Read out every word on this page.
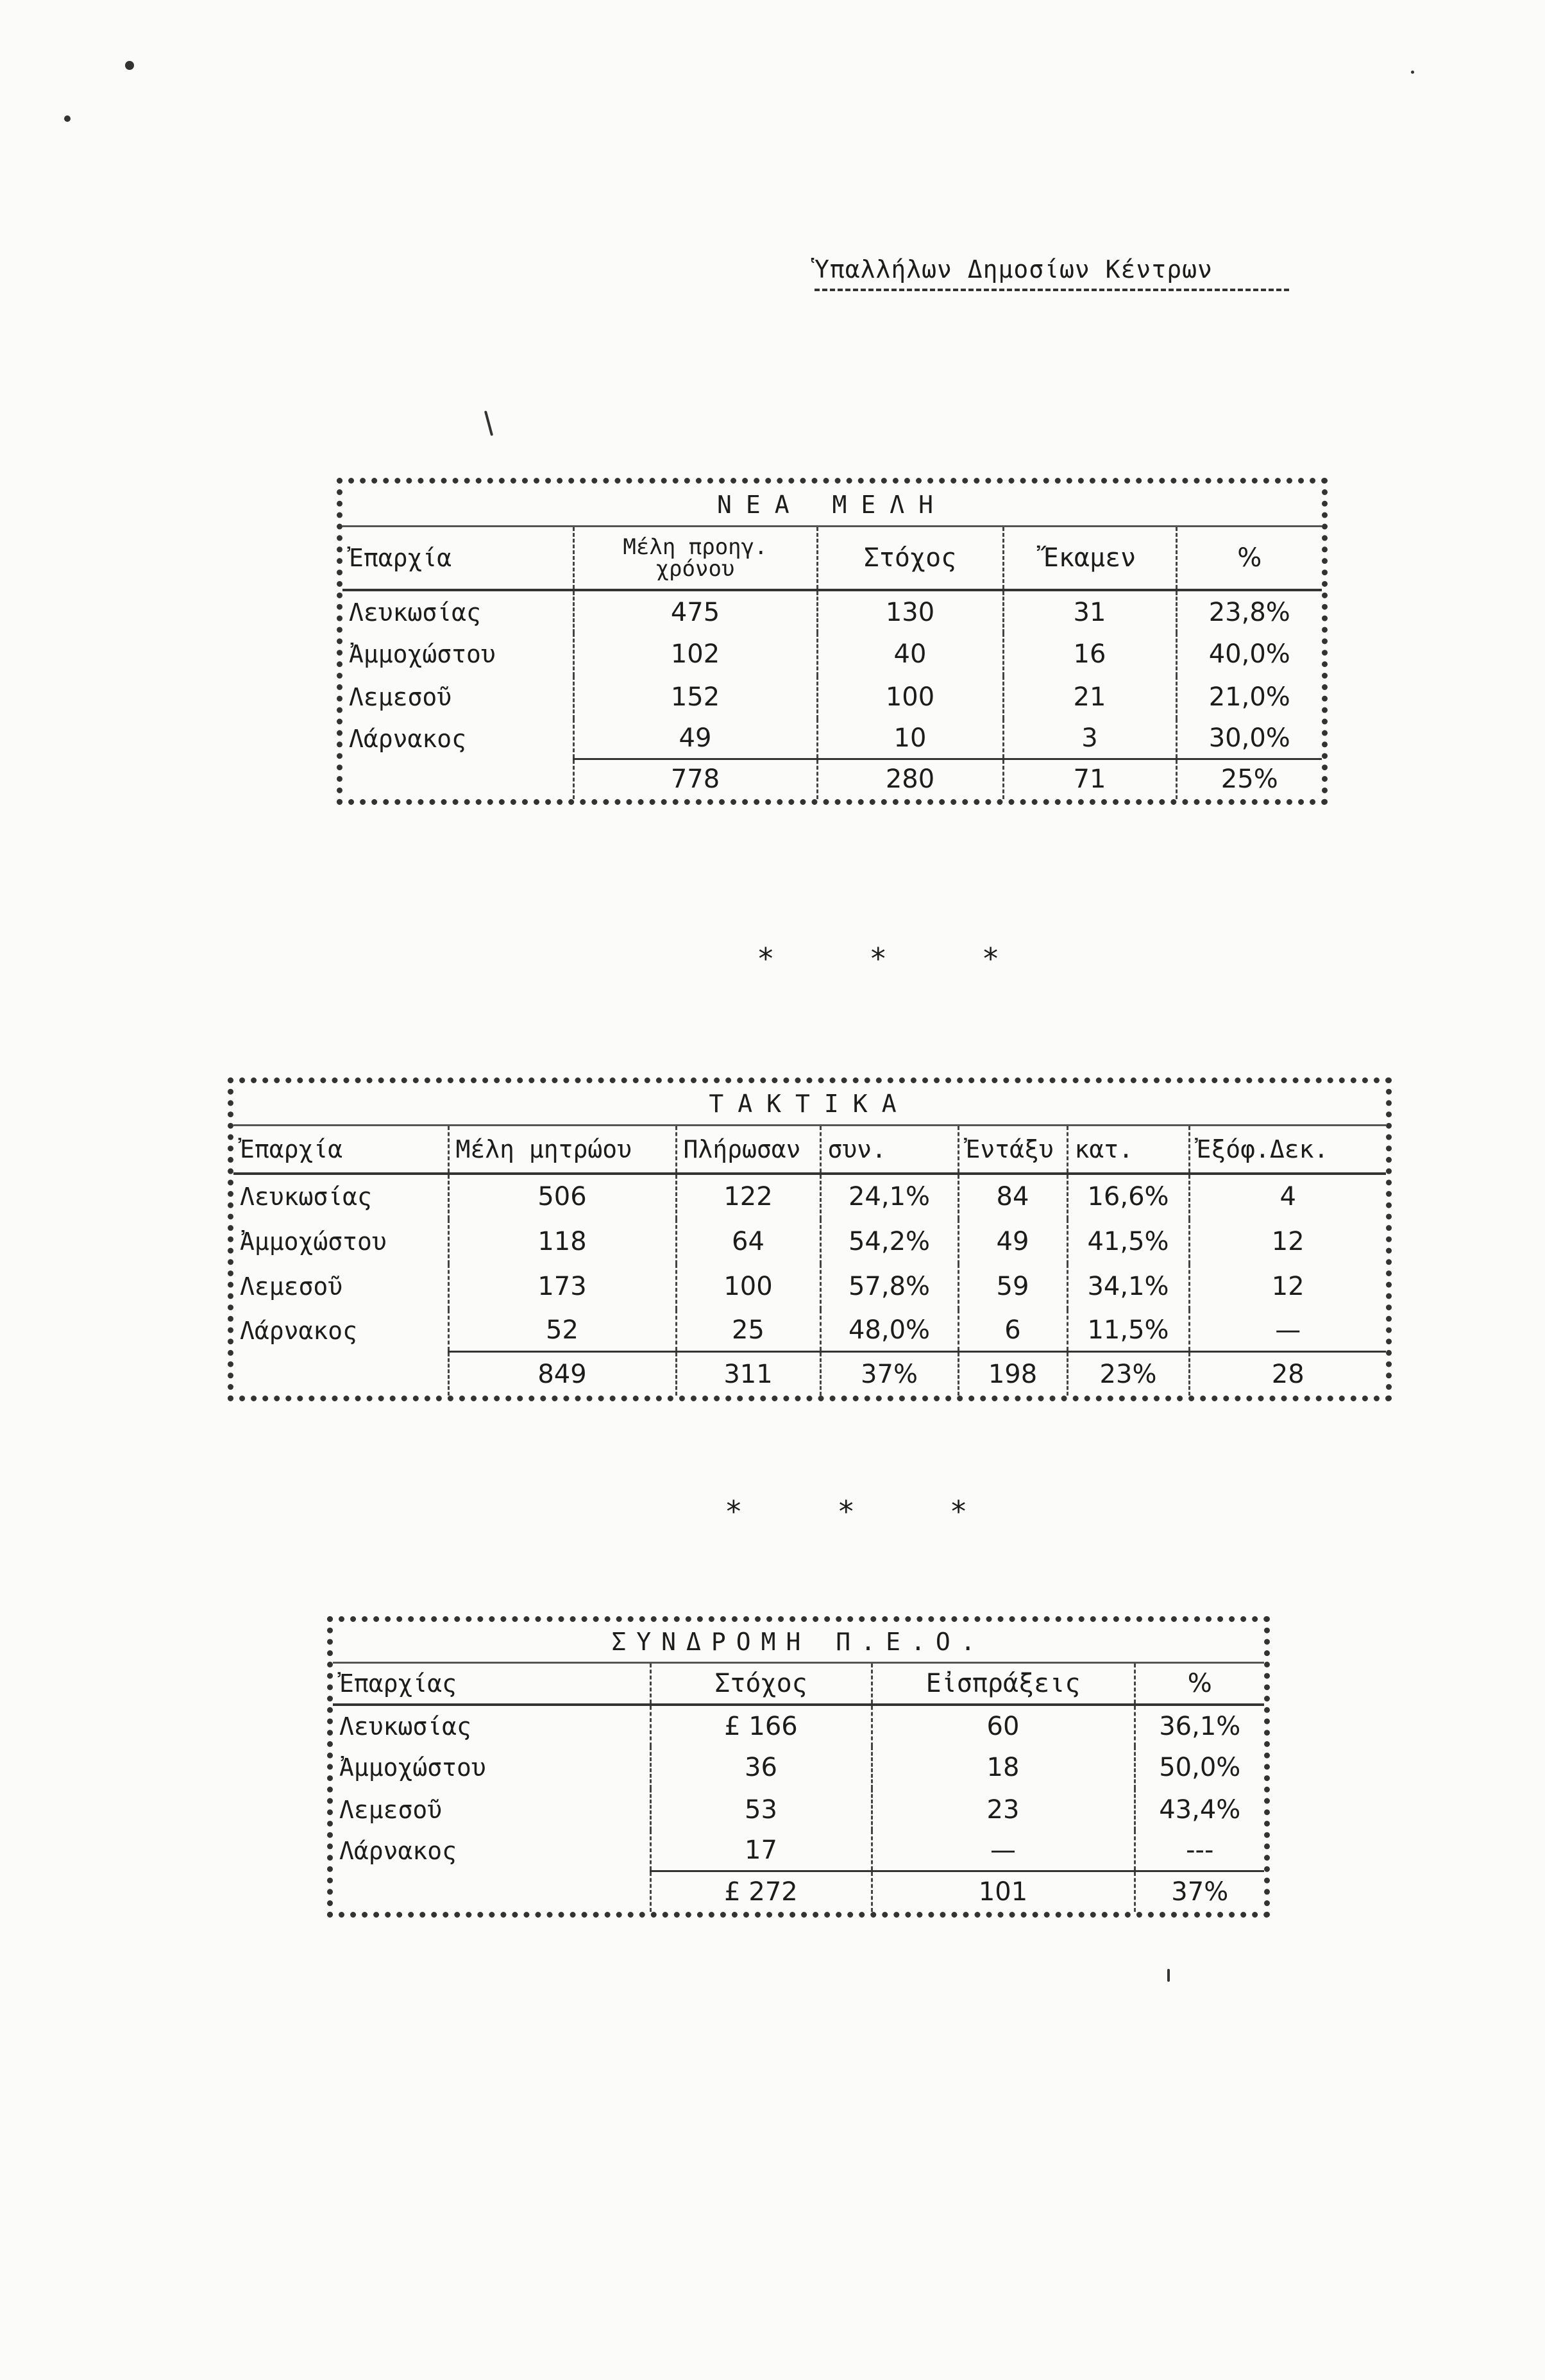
Ὑπαλλήλων Δημοσίων Κέντρων
ΝΕΑ ΜΕΛΗ				
Ἐπαρχία	Μέλη προηγ. χρόνου	Στόχος	Ἔκαμεν	%
Λευκωσίας	475	130	31	23,8%
Ἀμμοχώστου	102	40	16	40,0%
Λεμεσοῦ	152	100	21	21,0%
Λάρνακος	49	10	3	30,0%
	778	280	71	25%
* * *
ΤΑΚΤΙΚΑ						
Ἐπαρχία	Μέλη μητρώου	Πλήρωσαν	συν.	Ἐντάξυ	κατ.	Ἐξόφ.Δεκ.
Λευκωσίας	506	122	24,1%	84	16,6%	4
Ἀμμοχώστου	118	64	54,2%	49	41,5%	12
Λεμεσοῦ	173	100	57,8%	59	34,1%	12
Λάρνακος	52	25	48,0%	6	11,5%	—
	849	311	37%	198	23%	28
* * *
ΣΥΝΔΡΟΜΗ Π.Ε.Ο.			
Ἐπαρχίας	Στόχος	Εἰσπράξεις	%
Λευκωσίας	£ 166	60	36,1%
Ἀμμοχώστου	36	18	50,0%
Λεμεσοῦ	53	23	43,4%
Λάρνακος	17	—	---
	£ 272	101	37%
